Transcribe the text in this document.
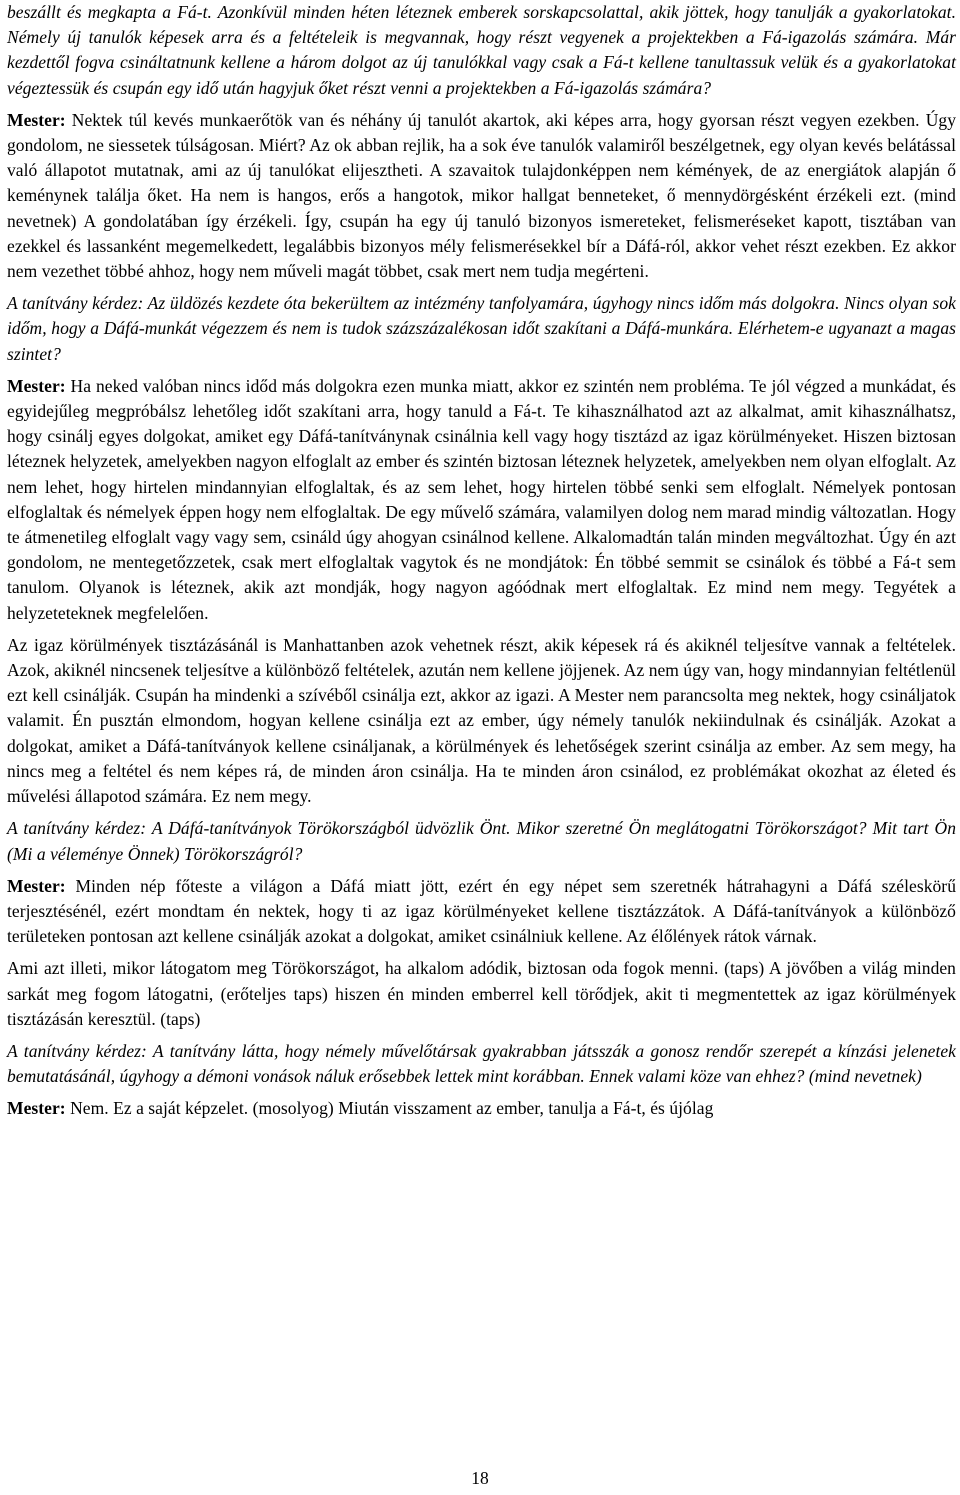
beszállt és megkapta a Fá-t. Azonkívül minden héten léteznek emberek sorskapcsolattal, akik jöttek, hogy tanulják a gyakorlatokat. Némely új tanulók képesek arra és a feltételeik is megvannak, hogy részt vegyenek a projektekben a Fá-igazolás számára. Már kezdettől fogva csináltatnunk kellene a három dolgot az új tanulókkal vagy csak a Fá-t kellene tanultassuk velük és a gyakorlatokat végeztessük és csupán egy idő után hagyjuk őket részt venni a projektekben a Fá-igazolás számára?

Mester: Nektek túl kevés munkaerőtök van és néhány új tanulót akartok, aki képes arra, hogy gyorsan részt vegyen ezekben. Úgy gondolom, ne siessetek túlságosan. Miért? Az ok abban rejlik, ha a sok éve tanulók valamiről beszélgetnek, egy olyan kevés belátással való állapotot mutatnak, ami az új tanulókat elijesztheti. A szavaitok tulajdonképpen nem kémények, de az energiátok alapján ő keménynek találja őket. Ha nem is hangos, erős a hangotok, mikor hallgat benneteket, ő mennydörgésként érzékeli ezt. (mind nevetnek) A gondolatában így érzékeli. Így, csupán ha egy új tanuló bizonyos ismereteket, felismeréseket kapott, tisztában van ezekkel és lassanként megemelkedett, legalábbis bizonyos mély felismerésekkel bír a Dáfá-ról, akkor vehet részt ezekben. Ez akkor nem vezethet többé ahhoz, hogy nem műveli magát többet, csak mert nem tudja megérteni.

A tanítvány kérdez: Az üldözés kezdete óta bekerültem az intézmény tanfolyamára, úgyhogy nincs időm más dolgokra. Nincs olyan sok időm, hogy a Dáfá-munkát végezzem és nem is tudok százszázalékosan időt szakítani a Dáfá-munkára. Elérhetem-e ugyanazt a magas szintet?

Mester: Ha neked valóban nincs időd más dolgokra ezen munka miatt, akkor ez szintén nem probléma. Te jól végzed a munkádat, és egyidejűleg megpróbálsz lehetőleg időt szakítani arra, hogy tanuld a Fá-t. Te kihasználhatod azt az alkalmat, amit kihasználhatsz, hogy csinálj egyes dolgokat, amiket egy Dáfá-tanítványnak csinálnia kell vagy hogy tisztázd az igaz körülményeket. Hiszen biztosan léteznek helyzetek, amelyekben nagyon elfoglalt az ember és szintén biztosan léteznek helyzetek, amelyekben nem olyan elfoglalt. Az nem lehet, hogy hirtelen mindannyian elfoglaltak, és az sem lehet, hogy hirtelen többé senki sem elfoglalt. Némelyek pontosan elfoglaltak és némelyek éppen hogy nem elfoglaltak. De egy művelő számára, valamilyen dolog nem marad mindig változatlan. Hogy te átmenetileg elfoglalt vagy vagy sem, csináld úgy ahogyan csinálnod kellene. Alkalomadtán talán minden megváltozhat. Úgy én azt gondolom, ne mentegetőzzetek, csak mert elfoglaltak vagytok és ne mondjátok: Én többé semmit se csinálok és többé a Fá-t sem tanulom. Olyanok is léteznek, akik azt mondják, hogy nagyon agóódnak mert elfoglaltak. Ez mind nem megy. Tegyétek a helyzeteteknek megfelelően.

Az igaz körülmények tisztázásánál is Manhattanben azok vehetnek részt, akik képesek rá és akiknél teljesítve vannak a feltételek. Azok, akiknél nincsenek teljesítve a különböző feltételek, azután nem kellene jöjjenek. Az nem úgy van, hogy mindannyian feltétlenül ezt kell csinálják. Csupán ha mindenki a szívéből csinálja ezt, akkor az igazi. A Mester nem parancsolta meg nektek, hogy csináljatok valamit. Én pusztán elmondom, hogyan kellene csinálja ezt az ember, úgy némely tanulók nekiindulnak és csinálják. Azokat a dolgokat, amiket a Dáfá-tanítványok kellene csináljanak, a körülmények és lehetőségek szerint csinálja az ember. Az sem megy, ha nincs meg a feltétel és nem képes rá, de minden áron csinálja. Ha te minden áron csinálod, ez problémákat okozhat az életed és művelési állapotod számára. Ez nem megy.

A tanítvány kérdez: A Dáfá-tanítványok Törökországból üdvözlik Önt. Mikor szeretné Ön meglátogatni Törökországot? Mit tart Ön (Mi a véleménye Önnek) Törökországról?

Mester: Minden nép főteste a világon a Dáfá miatt jött, ezért én egy népet sem szeretnék hátrahagyni a Dáfá széleskörű terjesztésénél, ezért mondtam én nektek, hogy ti az igaz körülményeket kellene tisztázzátok. A Dáfá-tanítványok a különböző területeken pontosan azt kellene csinálják azokat a dolgokat, amiket csinálniuk kellene. Az élőlények rátok várnak.

Ami azt illeti, mikor látogatom meg Törökországot, ha alkalom adódik, biztosan oda fogok menni. (taps) A jövőben a világ minden sarkát meg fogom látogatni, (erőteljes taps) hiszen én minden emberrel kell törődjek, akit ti megmentettek az igaz körülmények tisztázásán keresztül. (taps)

A tanítvány kérdez: A tanítvány látta, hogy némely művelőtársak gyakrabban játsszák a gonosz rendőr szerepét a kínzási jelenetek bemutatásánál, úgyhogy a démoni vonások náluk erősebbek lettek mint korábban. Ennek valami köze van ehhez? (mind nevetnek)

Mester: Nem. Ez a saját képzelet. (mosolyog) Miután visszament az ember, tanulja a Fá-t, és újólag

18
